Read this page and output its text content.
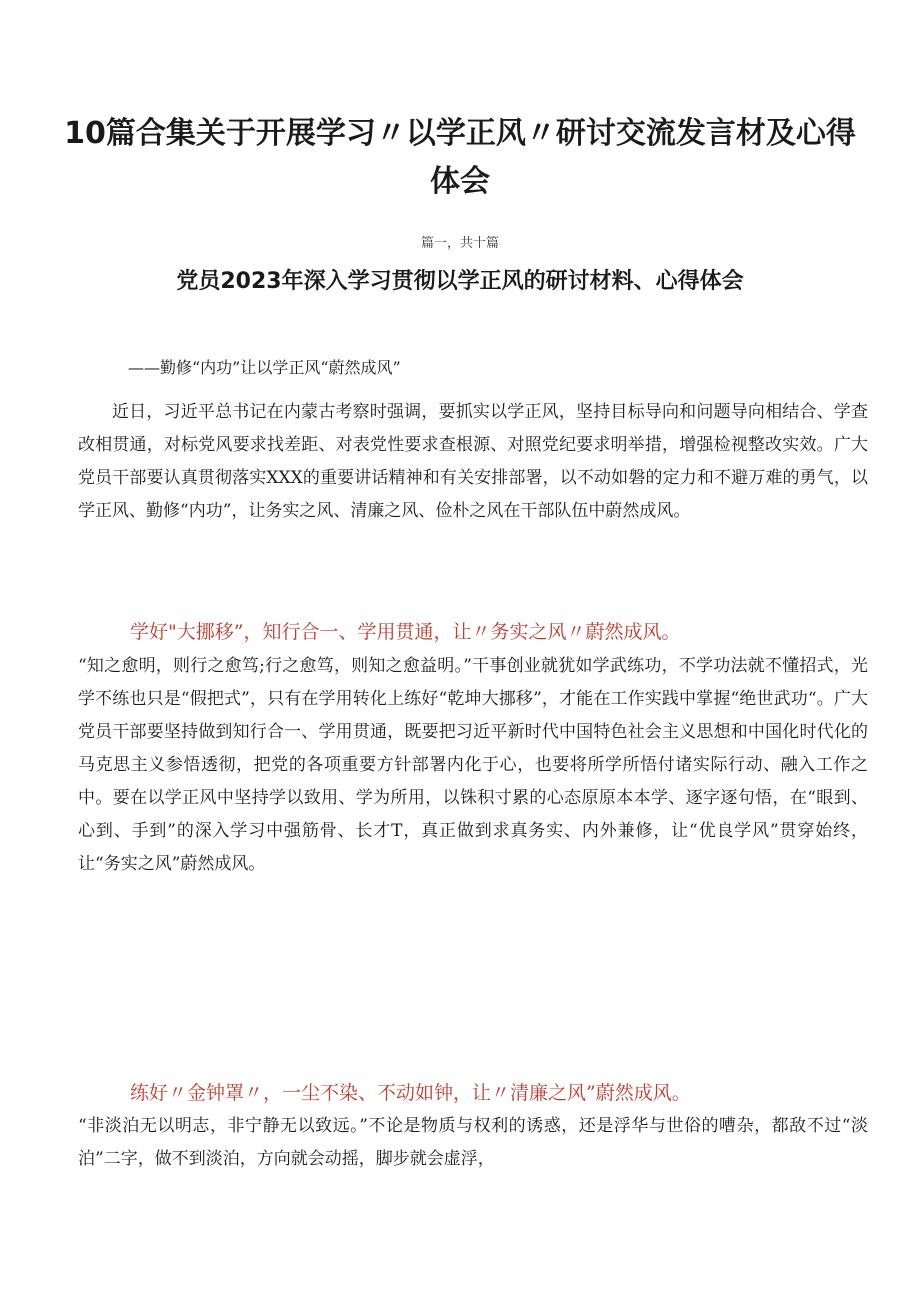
10篇合集关于开展学习〃以学正风〃研讨交流发言材及心得体会
篇一，共十篇
党员2023年深入学习贯彻以学正风的研讨材料、心得体会
——勤修“内功”让以学正风“蔚然成风”

近日，习近平总书记在内蒙古考察时强调，要抓实以学正风，坚持目标导向和问题导向相结合、学查改相贯通，对标党风要求找差距、对表党性要求查根源、对照党纪要求明举措，增强检视整改实效。广大党员干部要认真贯彻落实XXX的重要讲话精神和有关安排部署，以不动如磐的定力和不避万难的勇气，以学正风、勤修“内功”，让务实之风、清廉之风、俭朴之风在干部队伍中蔚然成风。

学好"大挪移”，知行合一、学用贯通，让〃务实之风〃蔚然成风。

“知之愈明，则行之愈笃;行之愈笃，则知之愈益明。”干事创业就犹如学武练功，不学功法就不懂招式，光学不练也只是“假把式”，只有在学用转化上练好“乾坤大挪移”，才能在工作实践中掌握“绝世武功“。广大党员干部要坚持做到知行合一、学用贯通，既要把习近平新时代中国特色社会主义思想和中国化时代化的马克思主义参悟透彻，把党的各项重要方针部署内化于心，也要将所学所悟付诸实际行动、融入工作之中。要在以学正风中坚持学以致用、学为所用，以铢积寸累的心态原原本本学、逐字逐句悟，在“眼到、心到、手到”的深入学习中强筋骨、长才T，真正做到求真务实、内外兼修，让“优良学风”贯穿始终，让“务实之风”蔚然成风。

练好〃金钟罩〃，一尘不染、不动如钟，让〃清廉之风”蔚然成风。

“非淡泊无以明志，非宁静无以致远。”不论是物质与权利的诱惑，还是浮华与世俗的嘈杂，都敌不过“淡泊”二字，做不到淡泊，方向就会动摇，脚步就会虚浮，
